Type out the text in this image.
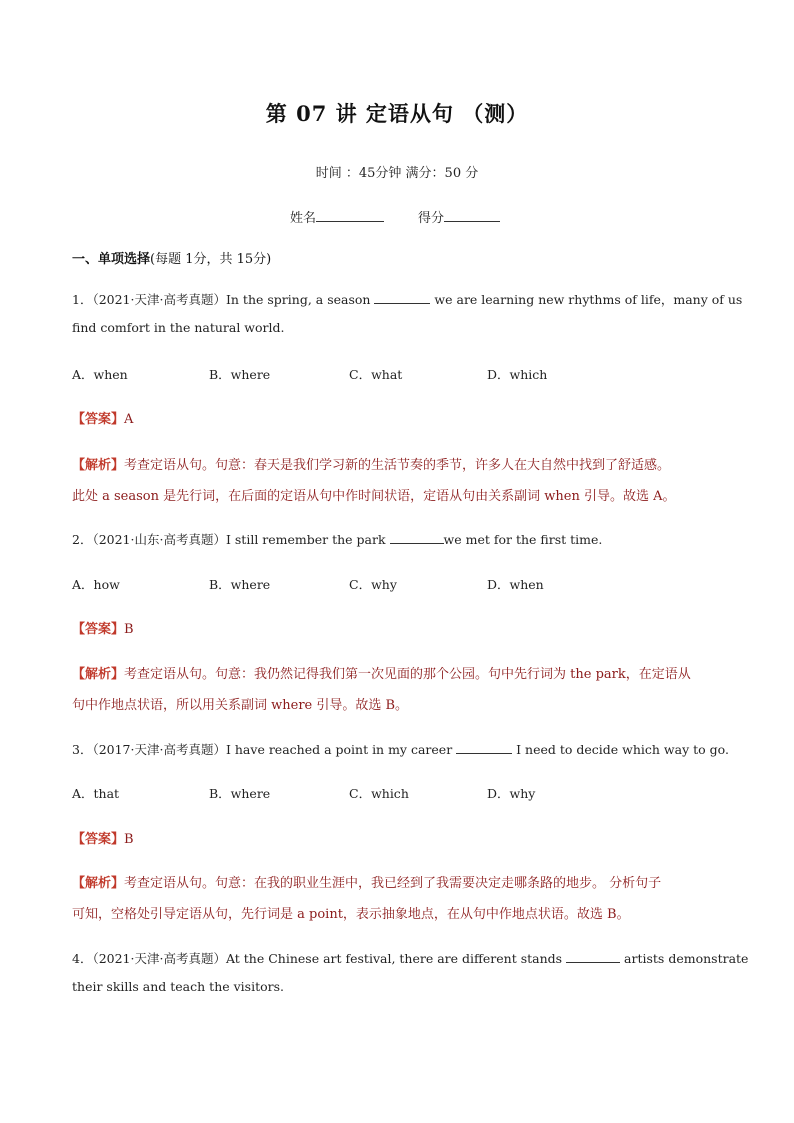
第 07 讲 定语从句 （测）
时间 ：45分钟 满分：50 分
姓名	得分
一、单项选择(每题 1分，共 15分)
1．（2021·天津·高考真题）In the spring, a season	we are learning new rhythms of life，many of us
find comfort in the natural world.
A．when	B．where	C．what	D．which
【答案】A
【解析】考查定语从句。句意：春天是我们学习新的生活节奏的季节，许多人在大自然中找到了舒适感。
此处 a season 是先行词，在后面的定语从句中作时间状语，定语从句由关系副词 when 引导。故选 A。
2．（2021·山东·高考真题）I still remember the park	we met for the first time.
A．how	B．where	C．why	D．when
【答案】B
【解析】考查定语从句。句意：我仍然记得我们第一次见面的那个公园。句中先行词为 the park，在定语从
句中作地点状语，所以用关系副词 where 引导。故选 B。
3．（2017·天津·高考真题）I have reached a point in my career	I need to decide which way to go.
A．that	B．where	C．which	D．why
【答案】B
【解析】考查定语从句。句意：在我的职业生涯中，我已经到了我需要决定走哪条路的地步。 分析句子
可知，空格处引导定语从句，先行词是 a point，表示抽象地点，在从句中作地点状语。故选 B。
4．（2021·天津·高考真题）At the Chinese art festival, there are different stands	artists demonstrate
their skills and teach the visitors.
